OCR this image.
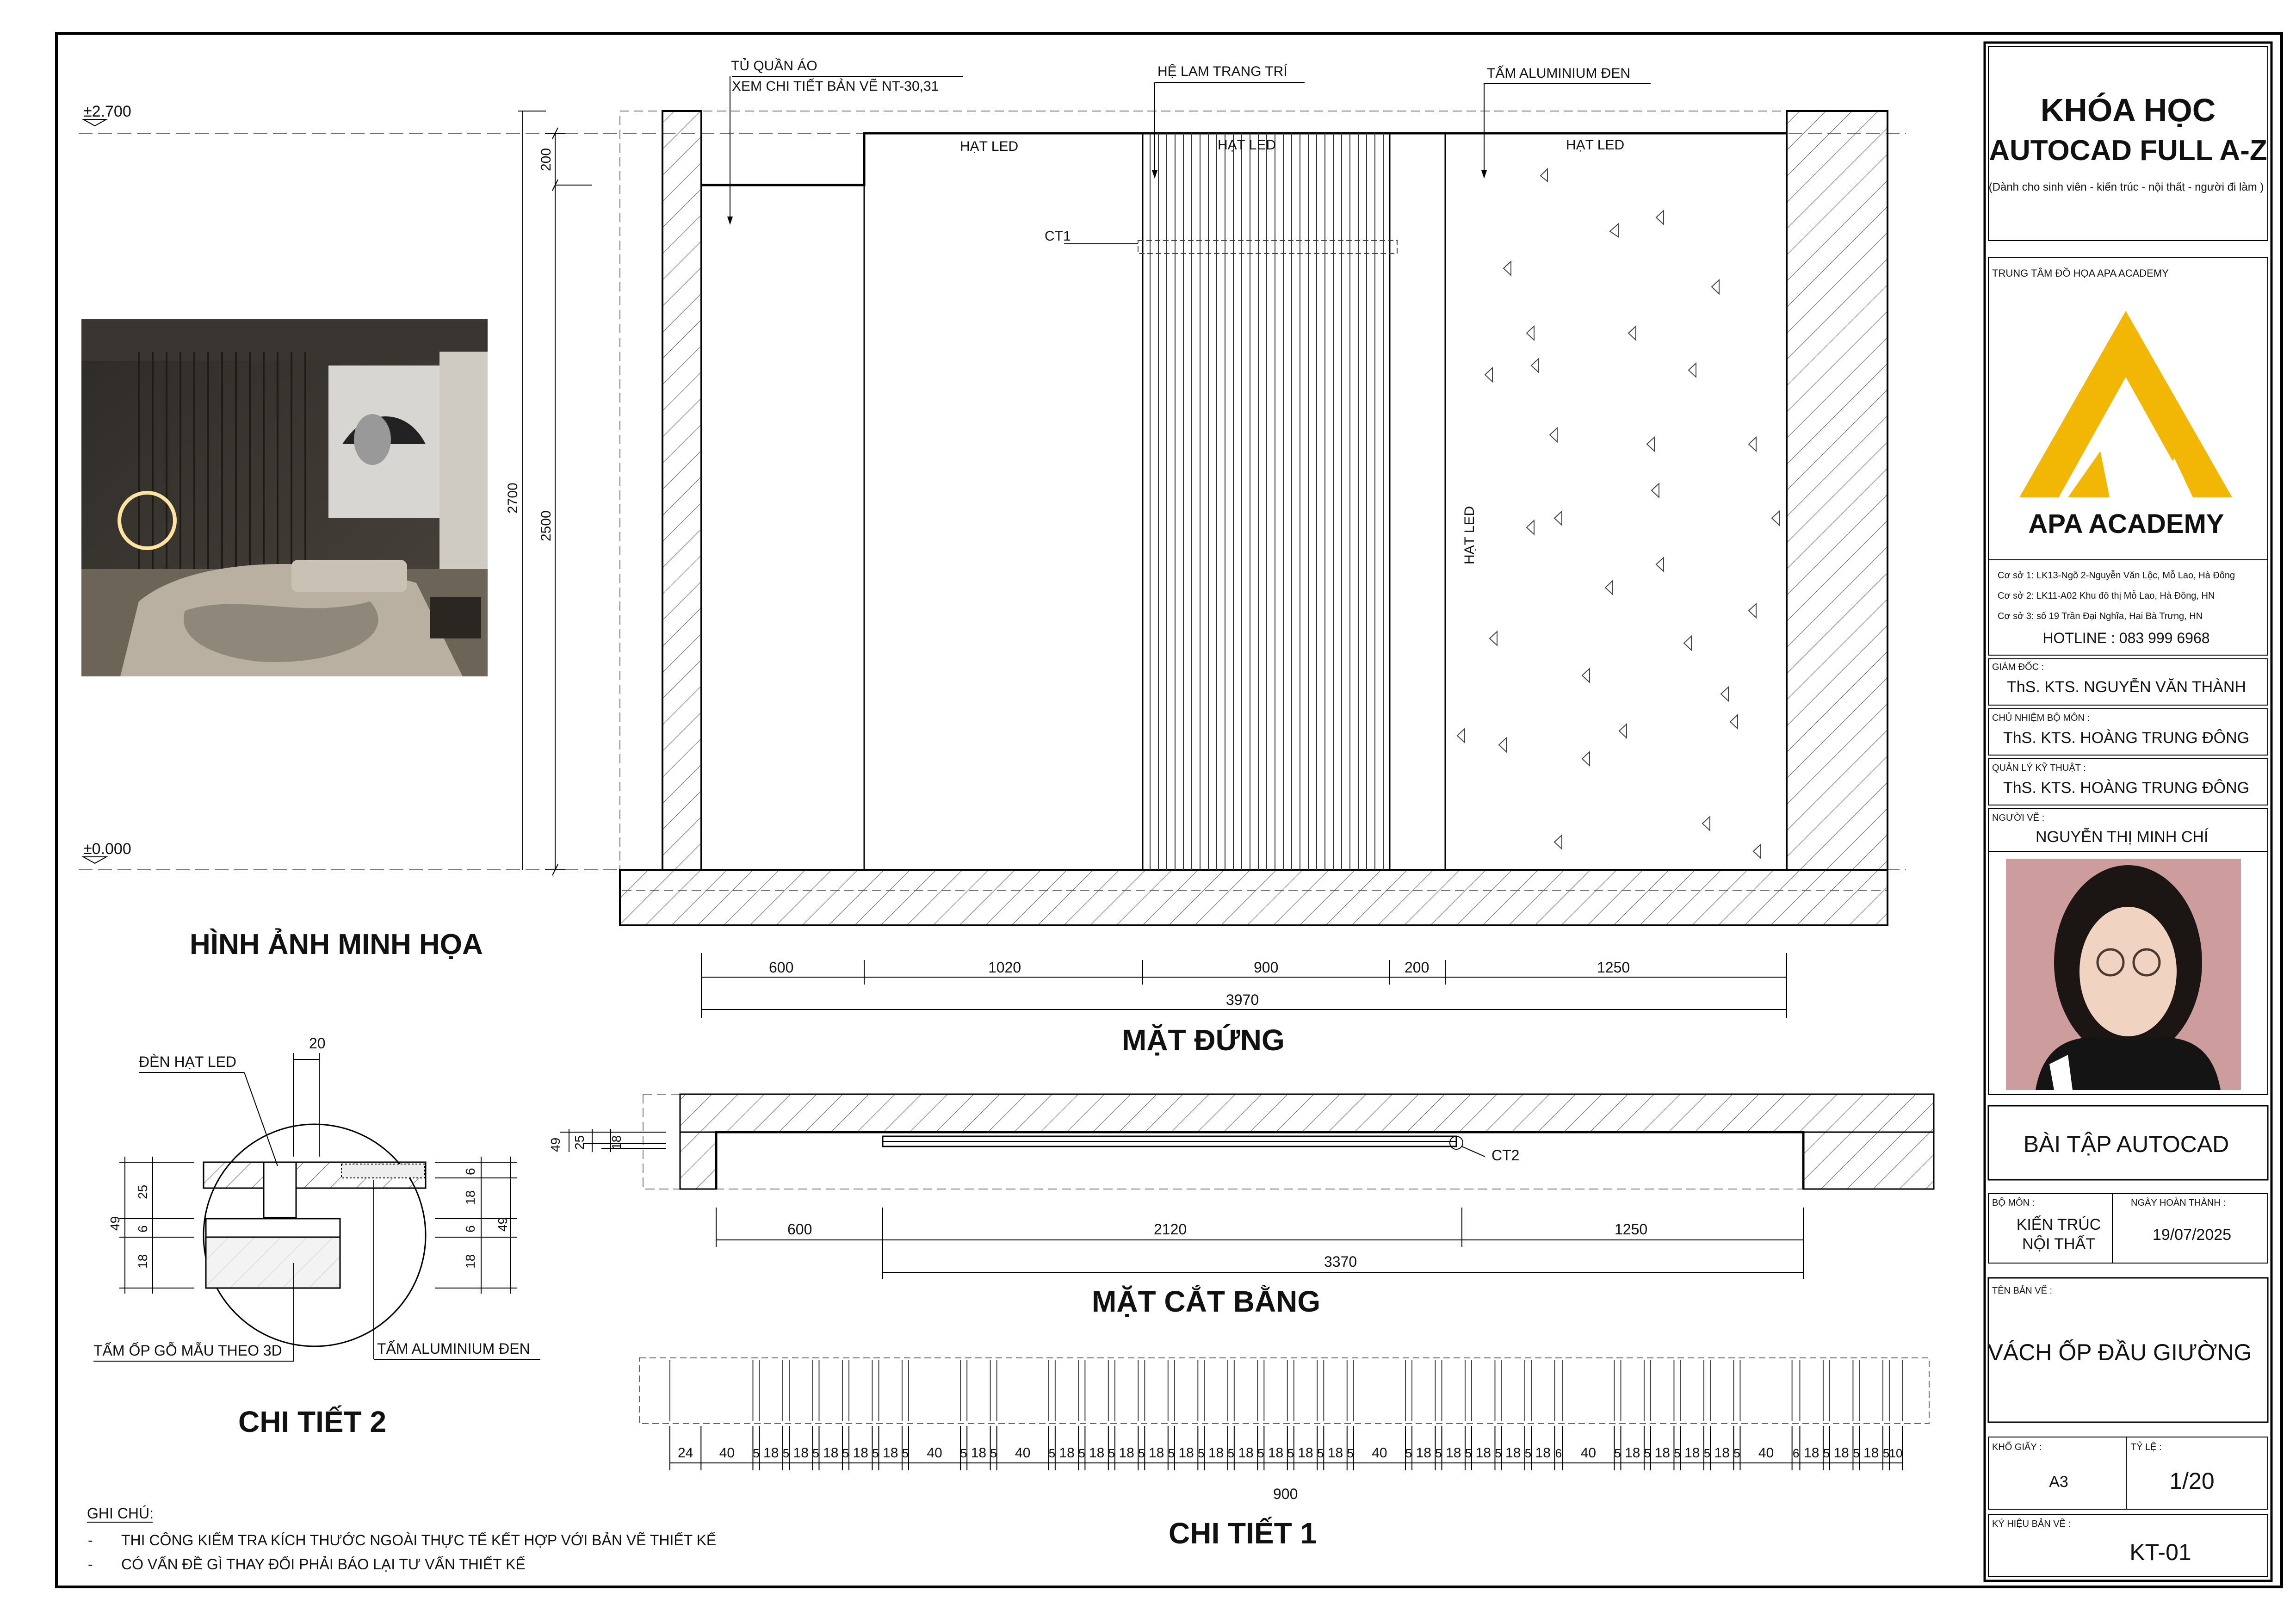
±2.700
±0.000
CT1
TỦ QUẦN ÁO
XEM CHI TIẾT BẢN VẼ NT-30,31
HỆ LAM TRANG TRÍ	TẤM ALUMINIUM ĐEN
HẠT LED	HẠT LED	HẠT LED
HẠT LED
200
2700
2500
600	1020	900	200	1250
3970
MẶT ĐỨNG
HÌNH ẢNH MINH HỌA
CT2
49 25 18
600	2120	1250
3370
MẶT CẮT BẰNG
24 40 5 18 5 18 5 18 5 18 5 18 5 40 5 18 5 40 5 18 5 18 5 18 5 18 5 18 5 18 5 18 5 18 5 18 5 18 5 40 5 18 5 18 5 18 5 18 5 18 6 40 5 18 5 18 5 18 5 18 5 40 6 18 5 18 5 18 5 10
900
CHI TIẾT 1
ĐÈN HẠT LED
20
25
6
18
49
6
18
6
18
49
TẤM ỐP GỖ MẪU THEO 3D	TẤM ALUMINIUM ĐEN
CHI TIẾT 2
GHI CHÚ:
- THI CÔNG KIỂM TRA KÍCH THƯỚC NGOÀI THỰC TẾ KẾT HỢP VỚI BẢN VẼ THIẾT KẾ
- CÓ VẤN ĐỀ GÌ THAY ĐỔI PHẢI BÁO LẠI TƯ VẤN THIẾT KẾ
KHÓA HỌC
AUTOCAD FULL A-Z
(Dành cho sinh viên - kiến trúc - nội thất - người đi làm )
TRUNG TÂM ĐỒ HỌA APA ACADEMY
APA ACADEMY
Cơ sở 1: LK13-Ngõ 2-Nguyễn Văn Lộc, Mỗ Lao, Hà Đông
Cơ sở 2: LK11-A02 Khu đô thị Mỗ Lao, Hà Đông, HN
Cơ sở 3: số 19 Trần Đại Nghĩa, Hai Bà Trưng, HN
HOTLINE : 083 999 6968
GIÁM ĐỐC :
ThS. KTS. NGUYỄN VĂN THÀNH
CHỦ NHIỆM BỘ MÔN :
ThS. KTS. HOÀNG TRUNG ĐÔNG
QUẢN LÝ KỸ THUẬT :
ThS. KTS. HOÀNG TRUNG ĐÔNG
NGƯỜI VẼ :
NGUYỄN THỊ MINH CHÍ
BÀI TẬP AUTOCAD
BỘ MÔN :
KIẾN TRÚC
NỘI THẤT
NGÀY HOÀN THÀNH :
19/07/2025
TÊN BẢN VẼ :
VÁCH ỐP ĐẦU GIƯỜNG
KHỔ GIẤY :
A3
TỶ LỆ :
1/20
KÝ HIỆU BẢN VẼ :
KT-01
